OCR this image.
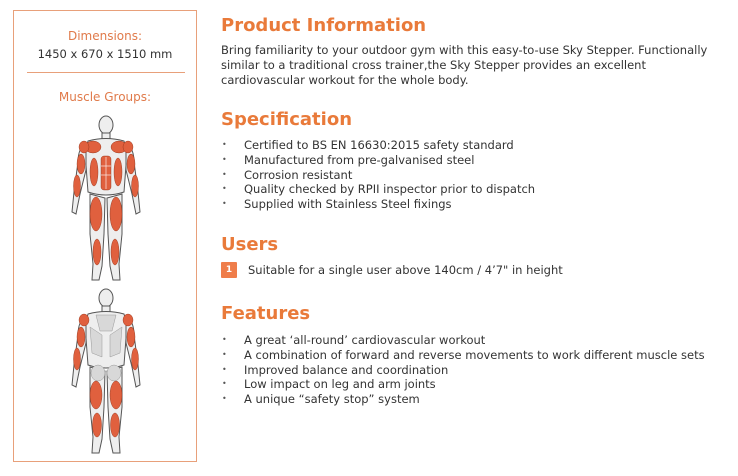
Dimensions:
1450 x 670 x 1510 mm
Muscle Groups:
Product Information

Bring familiarity to your outdoor gym with this easy-to-use Sky Stepper. Functionally similar to a traditional cross trainer,the Sky Stepper provides an excellent cardiovascular workout for the whole body.

Specification
• Certified to BS EN 16630:2015 safety standard
• Manufactured from pre-galvanised steel
• Corrosion resistant
• Quality checked by RPII inspector prior to dispatch
• Supplied with Stainless Steel fixings
Users
1	Suitable for a single user above 140cm / 4’7" in height
Features
• A great ‘all-round’ cardiovascular workout
• A combination of forward and reverse movements to work different muscle sets
• Improved balance and coordination
• Low impact on leg and arm joints
• A unique “safety stop” system
